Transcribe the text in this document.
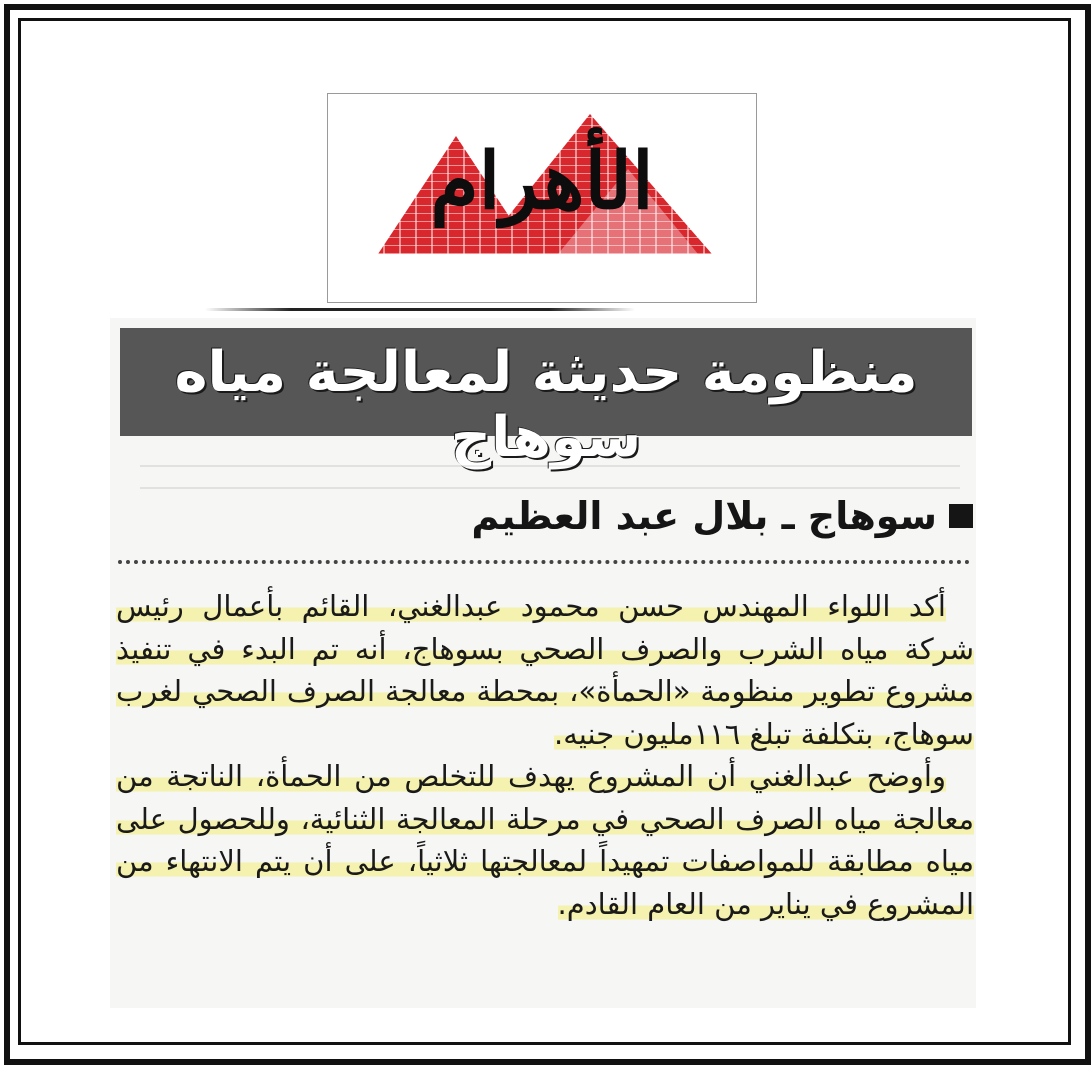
الأهرام
منظومة حديثة لمعالجة مياه سوهاج
سوهاج ـ بلال عبد العظيم

أكد اللواء المهندس حسن محمود عبدالغني، القائم بأعمال رئيس شركة مياه الشرب والصرف الصحي بسوهاج، أنه تم البدء في تنفيذ مشروع تطوير منظومة «الحمأة»، بمحطة معالجة الصرف الصحي لغرب سوهاج، بتكلفة تبلغ ١١٦مليون جنيه.

وأوضح عبدالغني أن المشروع يهدف للتخلص من الحمأة، الناتجة من معالجة مياه الصرف الصحي في مرحلة المعالجة الثنائية، وللحصول على مياه مطابقة للمواصفات تمهيداً لمعالجتها ثلاثياً، على أن يتم الانتهاء من المشروع في يناير من العام القادم.
